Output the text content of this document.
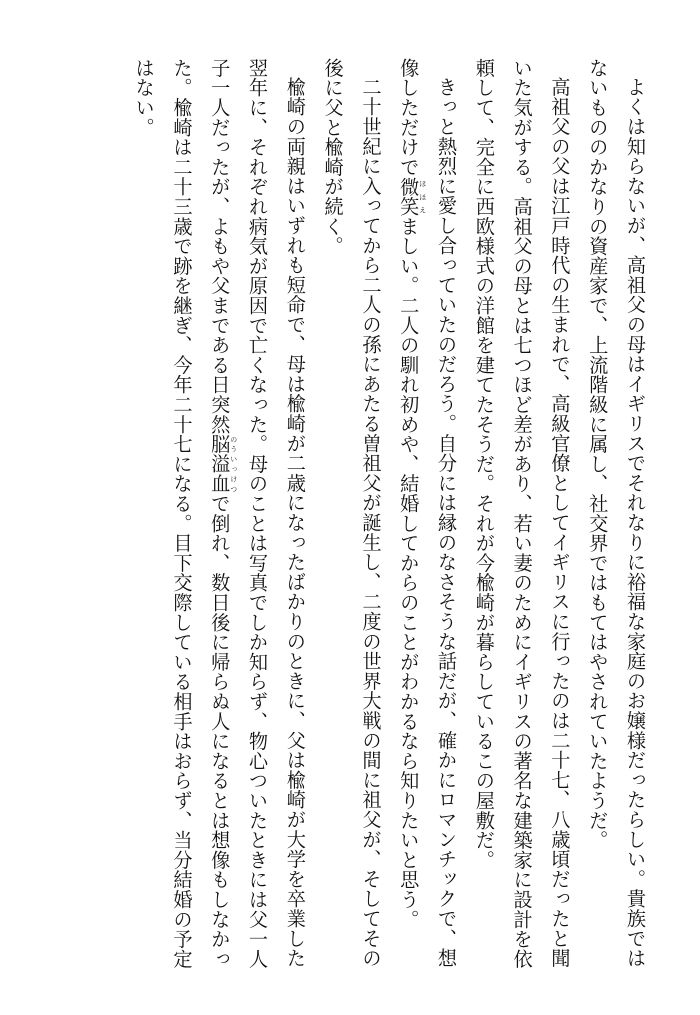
よくは知らないが、高祖父の母はイギリスでそれなりに裕福な家庭のお嬢様だったらしい。貴族ではないもののかなりの資産家で、上流階級に属し、社交界ではもてはやされていたようだ。

高祖父の父は江戸時代の生まれで、高級官僚としてイギリスに行ったのは二十七、八歳頃だったと聞いた気がする。高祖父の母とは七つほど差があり、若い妻のためにイギリスの著名な建築家に設計を依頼して、完全に西欧様式の洋館を建てたそうだ。それが今楡崎が暮らしているこの屋敷だ。

きっと熱烈に愛し合っていたのだろう。自分には縁のなさそうな話だが、確かにロマンチックで、想像しただけで微笑ほほえましい。二人の馴れ初めや、結婚してからのことがわかるなら知りたいと思う。

二十世紀に入ってから二人の孫にあたる曽祖父が誕生し、二度の世界大戦の間に祖父が、そしてその後に父と楡崎が続く。

楡崎の両親はいずれも短命で、母は楡崎が二歳になったばかりのときに、父は楡崎が大学を卒業した翌年に、それぞれ病気が原因で亡くなった。母のことは写真でしか知らず、物心ついたときには父一人子一人だったが、よもや父まである日突然脳溢血のういっけつで倒れ、数日後に帰らぬ人になるとは想像もしなかった。楡崎は二十三歳で跡を継ぎ、今年二十七になる。目下交際している相手はおらず、当分結婚の予定はない。
